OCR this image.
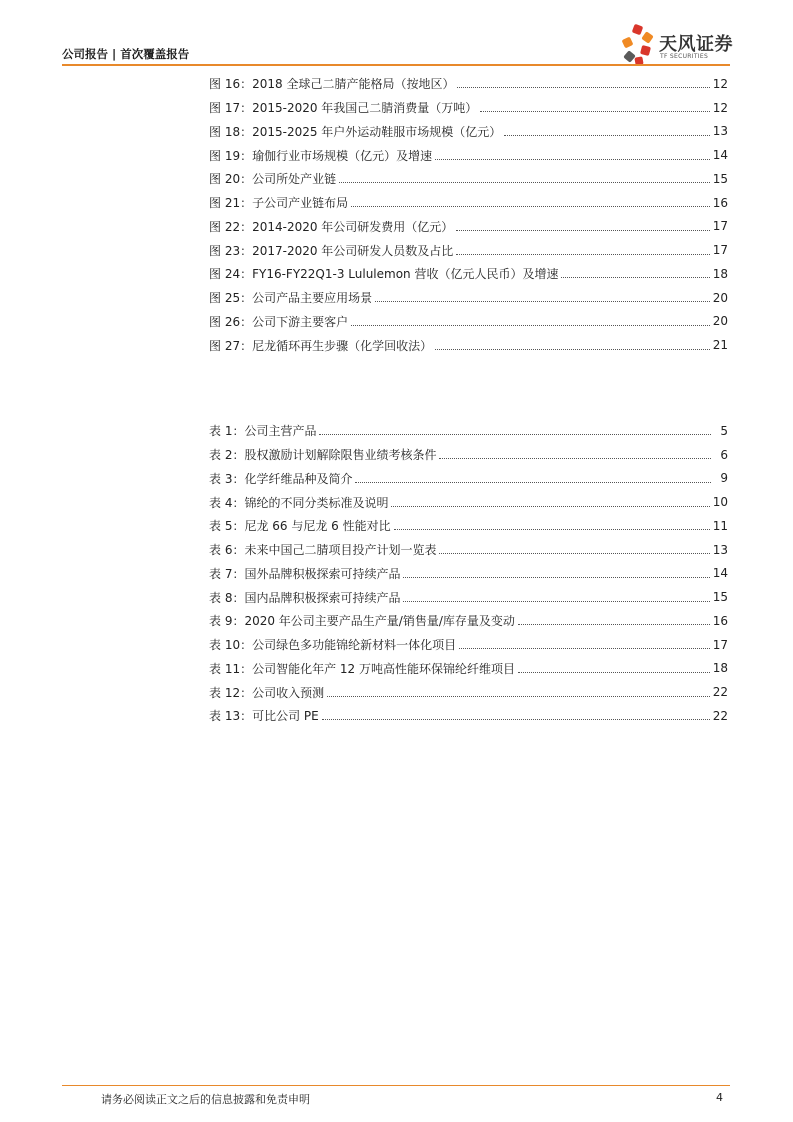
公司报告 | 首次覆盖报告	天风证券
TF SECURITIES
图 16：2018 全球己二腈产能格局（按地区）	12
图 17：2015-2020 年我国己二腈消费量（万吨）	12
图 18：2015-2025 年户外运动鞋服市场规模（亿元）	13
图 19：瑜伽行业市场规模（亿元）及增速	14
图 20：公司所处产业链	15
图 21：子公司产业链布局	16
图 22：2014-2020 年公司研发费用（亿元）	17
图 23：2017-2020 年公司研发人员数及占比	17
图 24：FY16-FY22Q1-3 Lululemon 营收（亿元人民币）及增速	18
图 25：公司产品主要应用场景	20
图 26：公司下游主要客户	20
图 27：尼龙循环再生步骤（化学回收法）	21
表 1：公司主营产品	5
表 2：股权激励计划解除限售业绩考核条件	6
表 3：化学纤维品种及简介	9
表 4：锦纶的不同分类标准及说明	10
表 5：尼龙 66 与尼龙 6 性能对比	11
表 6：未来中国己二腈项目投产计划一览表	13
表 7：国外品牌积极探索可持续产品	14
表 8：国内品牌积极探索可持续产品	15
表 9：2020 年公司主要产品生产量/销售量/库存量及变动	16
表 10：公司绿色多功能锦纶新材料一体化项目	17
表 11：公司智能化年产 12 万吨高性能环保锦纶纤维项目	18
表 12：公司收入预测	22
表 13：可比公司 PE	22
请务必阅读正文之后的信息披露和免责申明	4
